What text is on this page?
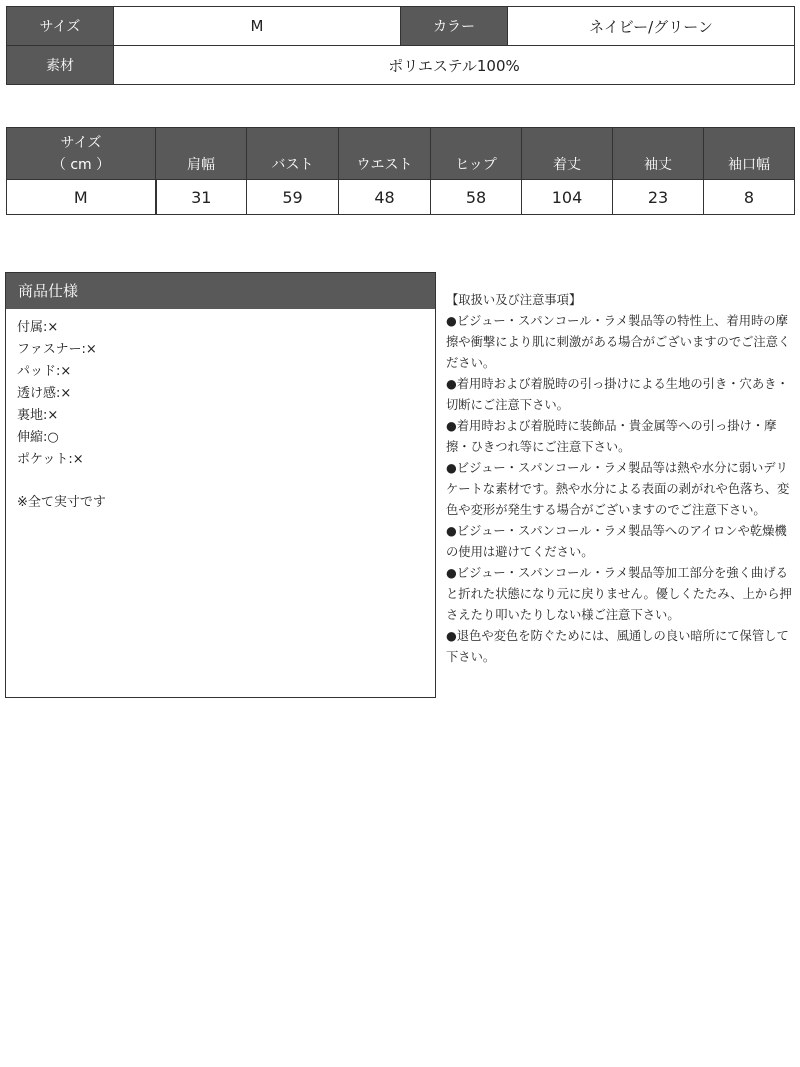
サイズ	M	カラー	ネイビー/グリーン
素材	ポリエステル100%		
サイズ
（ cm ）	肩幅	バスト	ウエスト	ヒップ	着丈	袖丈	袖口幅
M	31	59	48	58	104	23	8
商品仕様
付属:×
ファスナー:×
パッド:×
透け感:×
裏地:×
伸縮:○
ポケット:×
※全て実寸です

【取扱い及び注意事項】

●ビジュー・スパンコール・ラメ製品等の特性上、着用時の摩擦や衝撃により肌に刺激がある場合がございますのでご注意ください。

●着用時および着脱時の引っ掛けによる生地の引き・穴あき・切断にご注意下さい。

●着用時および着脱時に装飾品・貴金属等への引っ掛け・摩擦・ひきつれ等にご注意下さい。

●ビジュー・スパンコール・ラメ製品等は熱や水分に弱いデリケートな素材です。熱や水分による表面の剥がれや色落ち、変色や変形が発生する場合がございますのでご注意下さい。

●ビジュー・スパンコール・ラメ製品等へのアイロンや乾燥機の使用は避けてください。

●ビジュー・スパンコール・ラメ製品等加工部分を強く曲げると折れた状態になり元に戻りません。優しくたたみ、上から押さえたり叩いたりしない様ご注意下さい。

●退色や変色を防ぐためには、風通しの良い暗所にて保管して下さい。
